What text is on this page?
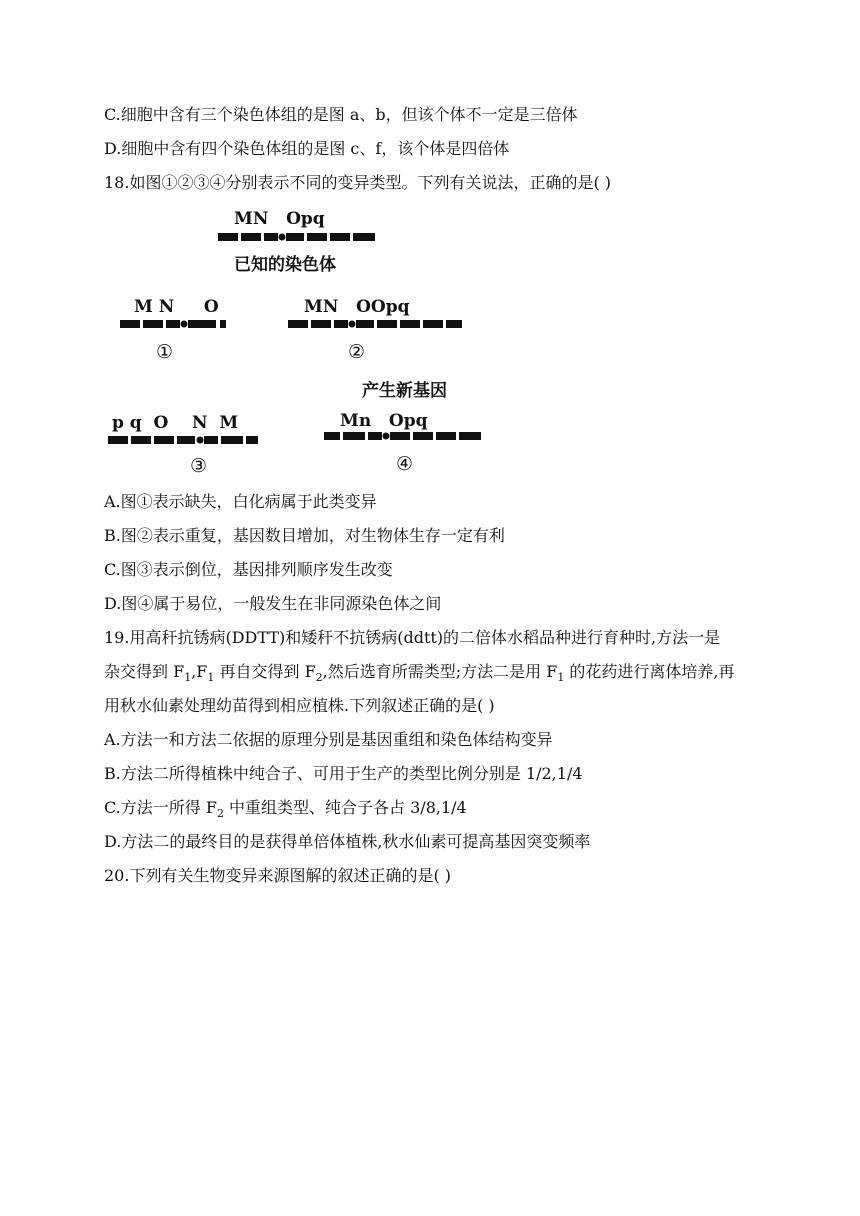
C.细胞中含有三个染色体组的是图 a、b，但该个体不一定是三倍体
D.细胞中含有四个染色体组的是图 c、f，该个体是四倍体
18.如图①②③④分别表示不同的变异类型。下列有关说法，正确的是( )
MN   Opq
已知的染色体
M N     O
①
MN   OOpq
②
产生新基因
p q  O    N  M
③
Mn   Opq
④
A.图①表示缺失，白化病属于此类变异
B.图②表示重复，基因数目增加，对生物体生存一定有利
C.图③表示倒位，基因排列顺序发生改变
D.图④属于易位，一般发生在非同源染色体之间
19.用高秆抗锈病(DDTT)和矮秆不抗锈病(ddtt)的二倍体水稻品种进行育种时,方法一是
杂交得到 $F_1,F_1$ 再自交得到 $F_2$,然后选育所需类型;方法二是用 $F_1$ 的花药进行离体培养,再
用秋水仙素处理幼苗得到相应植株.下列叙述正确的是( )
A.方法一和方法二依据的原理分别是基因重组和染色体结构变异
B.方法二所得植株中纯合子、可用于生产的类型比例分别是 1/2,1/4
C.方法一所得 $F_2$ 中重组类型、纯合子各占 3/8,1/4
D.方法二的最终目的是获得单倍体植株,秋水仙素可提高基因突变频率
20.下列有关生物变异来源图解的叙述正确的是( )
